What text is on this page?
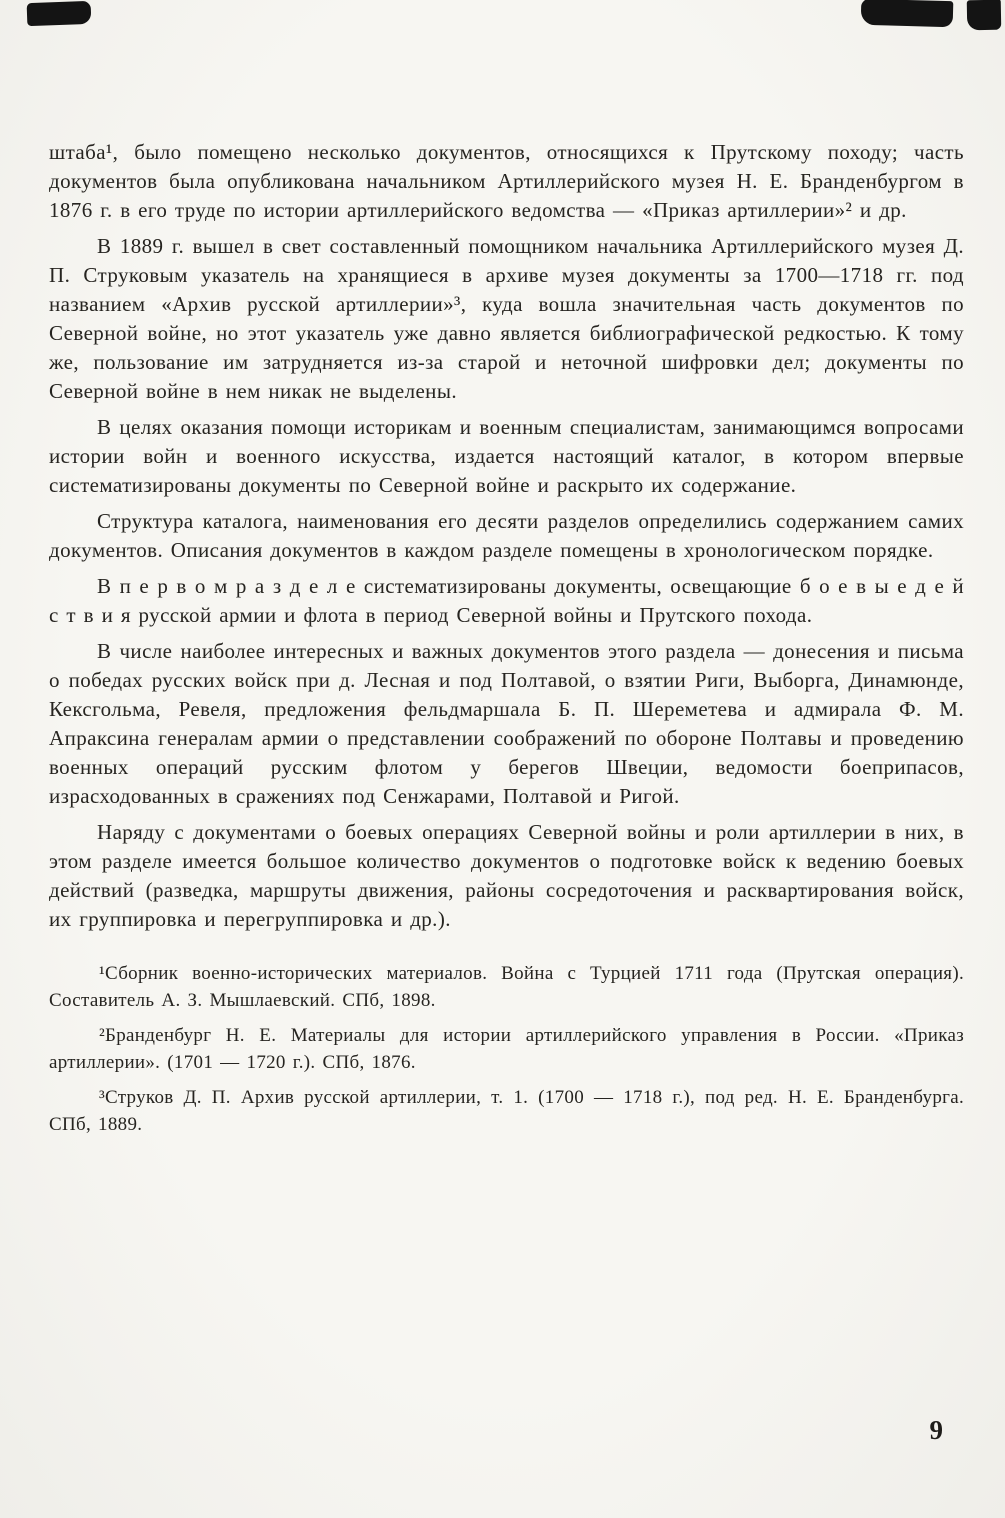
штаба¹, было помещено несколько документов, относящихся к Прутскому походу; часть документов была опубликована начальником Артиллерийского музея Н. Е. Бранденбургом в 1876 г. в его труде по истории артиллерийского ведомства — «Приказ артиллерии»² и др.

В 1889 г. вышел в свет составленный помощником начальника Артиллерийского музея Д. П. Струковым указатель на хранящиеся в архиве музея документы за 1700—1718 гг. под названием «Архив русской артиллерии»³, куда вошла значительная часть документов по Северной войне, но этот указатель уже давно является библиографической редкостью. К тому же, пользование им затрудняется из-за старой и неточной шифровки дел; документы по Северной войне в нем никак не выделены.

В целях оказания помощи историкам и военным специалистам, занимающимся вопросами истории войн и военного искусства, издается настоящий каталог, в котором впервые систематизированы документы по Северной войне и раскрыто их содержание.

Структура каталога, наименования его десяти разделов определились содержанием самих документов. Описания документов в каждом разделе помещены в хронологическом порядке.

В п е р в о м р а з д е л е систематизированы документы, освещающие б о е в ы е д е й с т в и я русской армии и флота в период Северной войны и Прутского похода.

В числе наиболее интересных и важных документов этого раздела — донесения и письма о победах русских войск при д. Лесная и под Полтавой, о взятии Риги, Выборга, Динамюнде, Кексгольма, Ревеля, предложения фельдмаршала Б. П. Шереметева и адмирала Ф. М. Апраксина генералам армии о представлении соображений по обороне Полтавы и проведению военных операций русским флотом у берегов Швеции, ведомости боеприпасов, израсходованных в сражениях под Сенжарами, Полтавой и Ригой.

Наряду с документами о боевых операциях Северной войны и роли артиллерии в них, в этом разделе имеется большое количество документов о подготовке войск к ведению боевых действий (разведка, маршруты движения, районы сосредоточения и расквартирования войск, их группировка и перегруппировка и др.).

¹Сборник военно-исторических материалов. Война с Турцией 1711 года (Прутская операция). Составитель А. З. Мышлаевский. СПб, 1898.

²Бранденбург Н. Е. Материалы для истории артиллерийского управления в России. «Приказ артиллерии». (1701 — 1720 г.). СПб, 1876.

³Струков Д. П. Архив русской артиллерии, т. 1. (1700 — 1718 г.), под ред. Н. Е. Бранденбурга. СПб, 1889.

9
